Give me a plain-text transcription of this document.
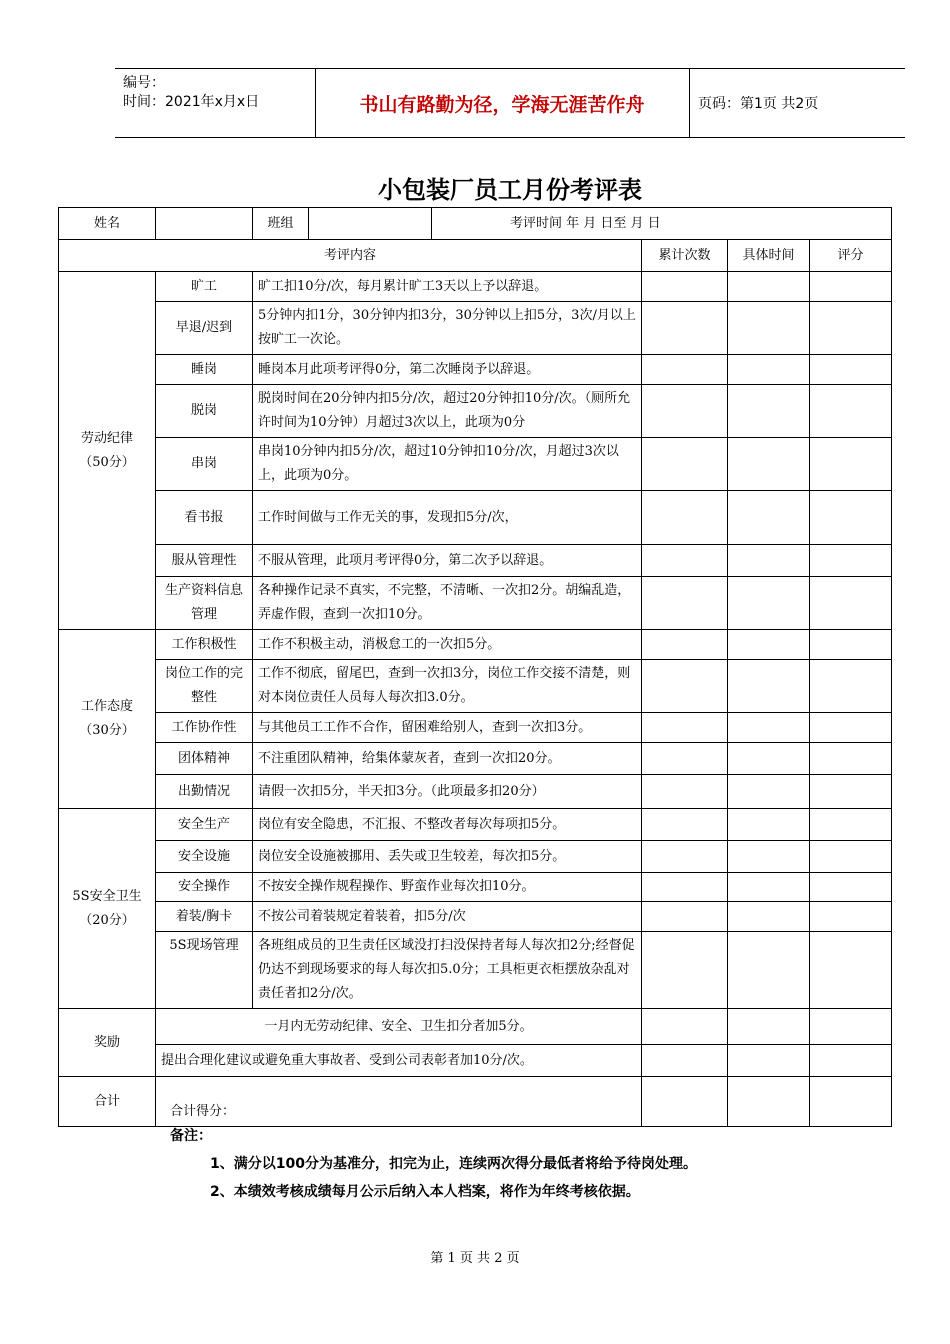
编号：
时间：2021年x月x日	书山有路勤为径，学海无涯苦作舟	页码：第1页 共2页
小包装厂员工月份考评表
姓名		班组		考评时间 年 月 日至 月 日			
考评内容					累计次数	具体时间	评分
劳动纪律
（50分）	旷工	旷工扣10分/次，每月累计旷工3天以上予以辞退。					
	早退/迟到	5分钟内扣1分，30分钟内扣3分，30分钟以上扣5分，3次/月以上按旷工一次论。					
	睡岗	睡岗本月此项考评得0分，第二次睡岗予以辞退。					
	脱岗	脱岗时间在20分钟内扣5分/次，超过20分钟扣10分/次。（厕所允许时间为10分钟）月超过3次以上，此项为0分					
	串岗	串岗10分钟内扣5分/次，超过10分钟扣10分/次，月超过3次以上，此项为0分。					
	看书报	工作时间做与工作无关的事，发现扣5分/次，					
	服从管理性	不服从管理，此项月考评得0分，第二次予以辞退。					
	生产资料信息管理	各种操作记录不真实，不完整，不清晰、一次扣2分。胡编乱造，弄虚作假，查到一次扣10分。					
工作态度
（30分）	工作积极性	工作不积极主动，消极怠工的一次扣5分。					
	岗位工作的完整性	工作不彻底，留尾巴，查到一次扣3分，岗位工作交接不清楚，则对本岗位责任人员每人每次扣3.0分。					
	工作协作性	与其他员工工作不合作，留困难给别人，查到一次扣3分。					
	团体精神	不注重团队精神，给集体蒙灰者，查到一次扣20分。					
	出勤情况	请假一次扣5分，半天扣3分。（此项最多扣20分）					
5S安全卫生
（20分）	安全生产	岗位有安全隐患，不汇报、不整改者每次每项扣5分。					
	安全设施	岗位安全设施被挪用、丢失或卫生较差，每次扣5分。					
	安全操作	不按安全操作规程操作、野蛮作业每次扣10分。					
	着装/胸卡	不按公司着装规定着装着，扣5分/次					
	5S现场管理	各班组成员的卫生责任区域没打扫没保持者每人每次扣2分;经督促仍达不到现场要求的每人每次扣5.0分；工具柜更衣柜摆放杂乱对责任者扣2分/次。					
奖励	一月内无劳动纪律、安全、卫生扣分者加5分。						
	提出合理化建议或避免重大事故者、受到公司表彰者加10分/次。						
合计	合计得分：						
备注：
1、满分以100分为基准分，扣完为止，连续两次得分最低者将给予待岗处理。
2、本绩效考核成绩每月公示后纳入本人档案，将作为年终考核依据。
第 1 页 共 2 页
